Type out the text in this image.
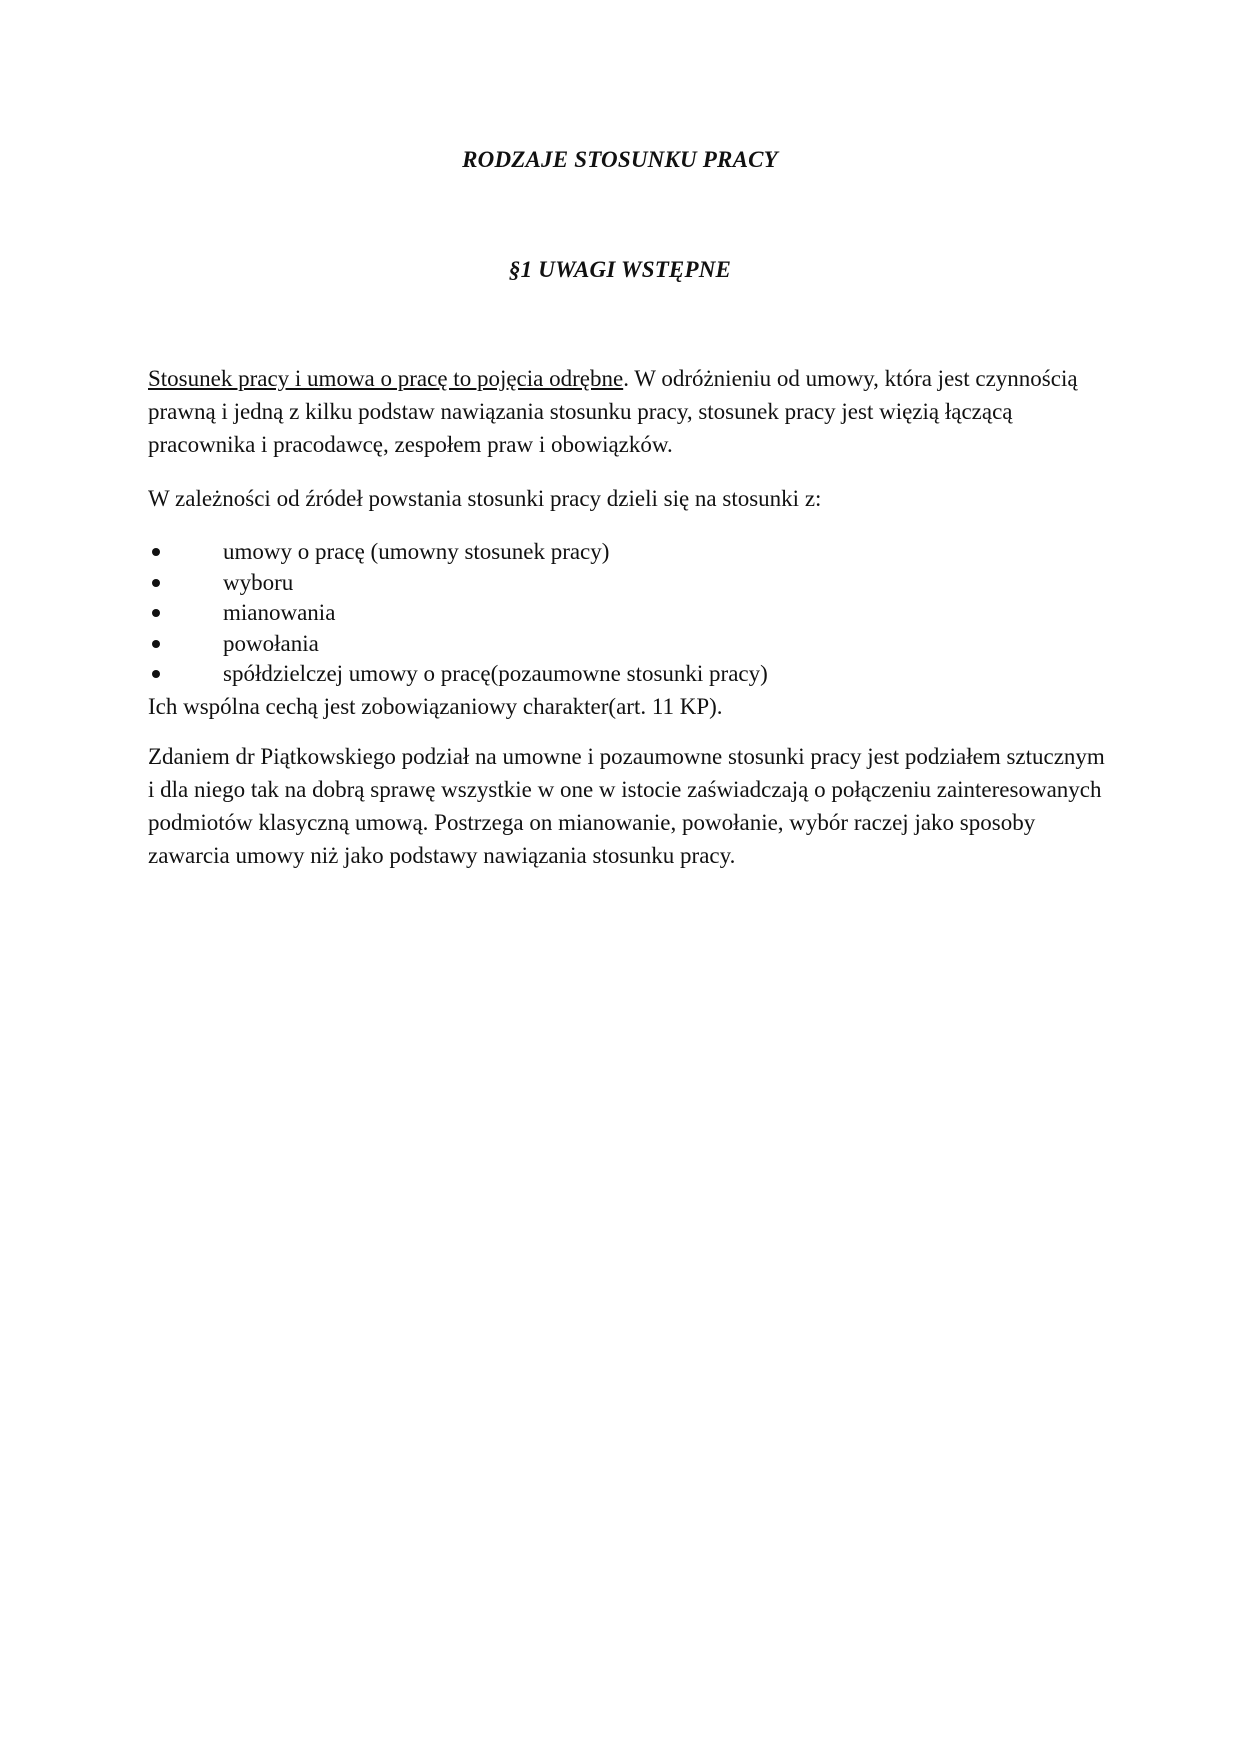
RODZAJE STOSUNKU PRACY
§1 UWAGI WSTĘPNE
Stosunek pracy i umowa o pracę to pojęcia odrębne. W odróżnieniu od umowy, która jest czynnością prawną i jedną z kilku podstaw nawiązania stosunku pracy, stosunek pracy jest więzią łączącą pracownika i pracodawcę, zespołem praw i obowiązków.
W zależności od źródeł powstania stosunki pracy dzieli się na stosunki z:
umowy o pracę (umowny stosunek pracy)
wyboru
mianowania
powołania
spółdzielczej umowy o pracę(pozaumowne stosunki pracy)
Ich wspólna cechą jest zobowiązaniowy charakter(art. 11 KP).
Zdaniem dr Piątkowskiego podział na umowne i pozaumowne stosunki pracy jest podziałem sztucznym i dla niego tak na dobrą sprawę wszystkie w one w istocie zaświadczają o połączeniu zainteresowanych podmiotów klasyczną umową. Postrzega on mianowanie, powołanie, wybór raczej jako sposoby zawarcia umowy niż jako podstawy nawiązania stosunku pracy.
